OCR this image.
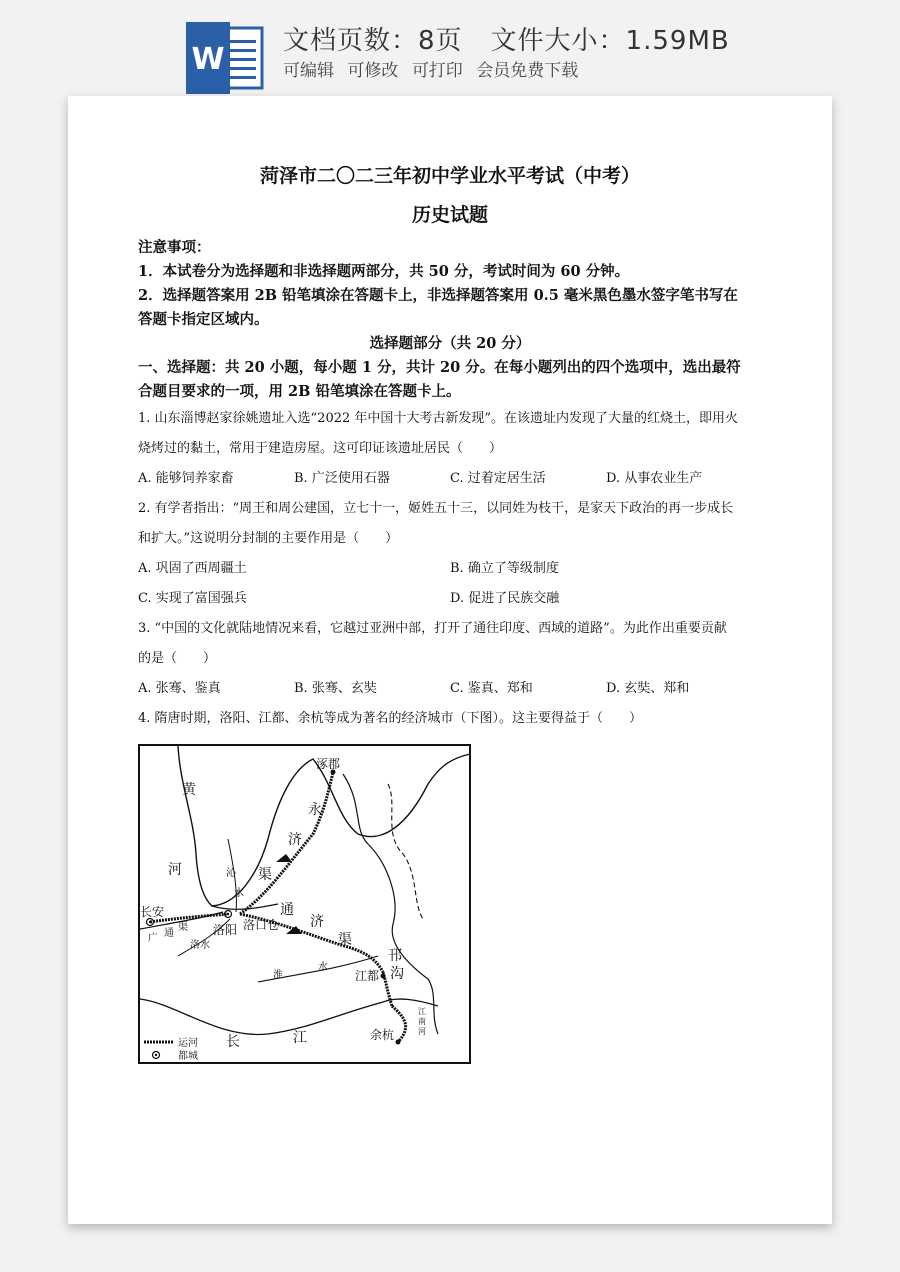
W
文档页数：8页 文件大小：1.59MB
可编辑 可修改 可打印 会员免费下载

菏泽市二〇二三年初中学业水平考试（中考）

历史试题

注意事项：

1．本试卷分为选择题和非选择题两部分，共 50 分，考试时间为 60 分钟。

2．选择题答案用 2B 铅笔填涂在答题卡上，非选择题答案用 0.5 毫米黑色墨水签字笔书写在

答题卡指定区域内。

选择题部分（共 20 分）

一、选择题：共 20 小题，每小题 1 分，共计 20 分。在每小题列出的四个选项中，选出最符

合题目要求的一项，用 2B 铅笔填涂在答题卡上。

1. 山东淄博赵家徐姚遗址入选“2022 年中国十大考古新发现”。在该遗址内发现了大量的红烧土，即用火

烧烤过的黏土，常用于建造房屋。这可印证该遗址居民（　　）

A. 能够饲养家畜	B. 广泛使用石器	C. 过着定居生活	D. 从事农业生产

2. 有学者指出：“周王和周公建国，立七十一，姬姓五十三，以同姓为枝干，是家天下政治的再一步成长

和扩大。”这说明分封制的主要作用是（　　）

A. 巩固了西周疆土	B. 确立了等级制度
C. 实现了富国强兵	D. 促进了民族交融

3. “中国的文化就陆地情况来看，它越过亚洲中部，打开了通往印度、西域的道路”。为此作出重要贡献

的是（　　）

A. 张骞、鉴真	B. 张骞、玄奘	C. 鉴真、郑和	D. 玄奘、郑和

4. 隋唐时期，洛阳、江都、余杭等成为著名的经济城市（下图）。这主要得益于（　　）

涿郡
长安
洛阳 洛口仓
江都
余杭
黄
河
永
济
渠
沁
水
通
济
渠
广 通
渠
洛水
淮
水
邗
沟
江
南
河
长	江
运河
都城
